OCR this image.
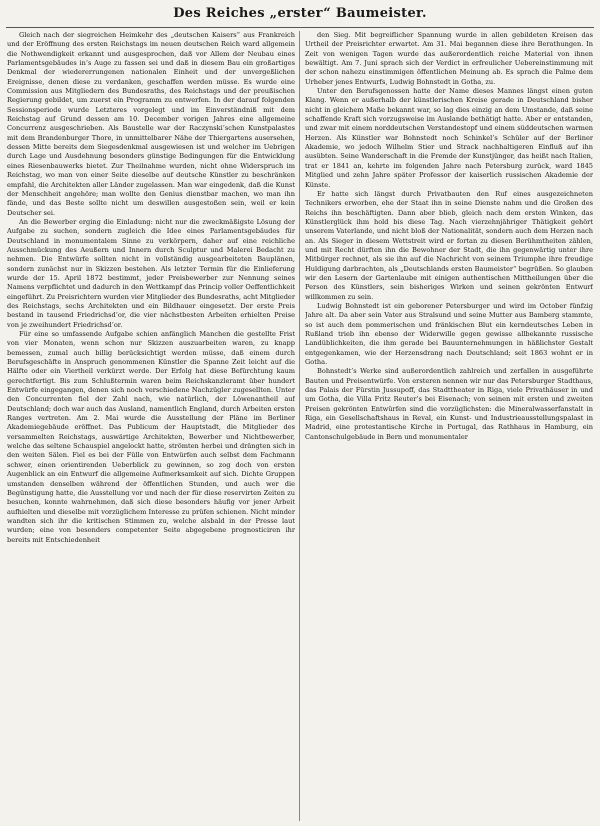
Des Reiches „erster“ Baumeister.

Gleich nach der siegreichen Heimkehr des „deutschen Kaisers“ aus Frankreich und der Eröffnung des ersten Reichstags im neuen deutschen Reich ward allgemein die Nothwendigkeit erkannt und ausgesprochen, daß vor Allem der Neubau eines Parlamentsgebäudes in’s Auge zu fassen sei und daß in diesem Bau ein großartiges Denkmal der wiedererrungenen nationalen Einheit und der unvergeßlichen Ereignisse, denen diese zu verdanken, geschaffen werden müsse. Es wurde eine Commission aus Mitgliedern des Bundesraths, des Reichstags und der preußischen Regierung gebildet, um zuerst ein Programm zu entwerfen. In der darauf folgenden Sessionsperiode wurde Letzteres vorgelegt und im Einverständniß mit dem Reichstag auf Grund dessen am 10. December vorigen Jahres eine allgemeine Concurrenz ausgeschrieben. Als Baustelle war der Raczynski’schen Kunstpalastes mit dem Brandenburger Thore, in unmittelbarer Nähe der Thiergartens ausersehen, dessen Mitte bereits dem Siegesdenkmal ausgewiesen ist und welcher im Uebrigen durch Lage und Ausdehnung besonders günstige Bedingungen für die Entwicklung eines Riesenbauwerks bietet. Zur Theilnahme wurden, nicht ohne Widerspruch im Reichstag, wo man von einer Seite dieselbe auf deutsche Künstler zu beschränken empfahl, die Architekten aller Länder zugelassen. Man war eingedenk, daß die Kunst der Menschheit angehöre; man wollte den Genius dienstbar machen, wo man ihn fände, und das Beste sollte nicht um deswillen ausgestoßen sein, weil er kein Deutscher sei.

An die Bewerber erging die Einladung: nicht nur die zweckmäßigste Lösung der Aufgabe zu suchen, sondern zugleich die Idee eines Parlamentsgebäudes für Deutschland in monumentalem Sinne zu verkörpern, daher auf eine reichliche Ausschmückung des Aeußern und Innern durch Sculptur und Malerei Bedacht zu nehmen. Die Entwürfe sollten nicht in vollständig ausgearbeiteten Bauplänen, sondern zunächst nur in Skizzen bestehen. Als letzter Termin für die Einlieferung wurde der 15. April 1872 bestimmt, jeder Preisbewerber zur Nennung seines Namens verpflichtet und dadurch in den Wettkampf das Princip voller Oeffentlichkeit eingeführt. Zu Preisrichtern wurden vier Mitglieder des Bundesraths, acht Mitglieder des Reichstags, sechs Architekten und ein Bildhauer eingesetzt. Der erste Preis bestand in tausend Friedrichsd’or, die vier nächstbesten Arbeiten erhielten Preise von je zweihundert Friedrichsd’or.

Für eine so umfassende Aufgabe schien anfänglich Manchen die gestellte Frist von vier Monaten, wenn schon nur Skizzen auszuarbeiten waren, zu knapp bemessen, zumal auch billig berücksichtigt werden müsse, daß einem durch Berufsgeschäfte in Anspruch genommenen Künstler die Spanne Zeit leicht auf die Hälfte oder ein Viertheil verkürzt werde. Der Erfolg hat diese Befürchtung kaum gerechtfertigt. Bis zum Schlußtermin waren beim Reichskanzleramt über hundert Entwürfe eingegangen, denen sich noch verschiedene Nachzügler zugesellten. Unter den Concurrenten fiel der Zahl nach, wie natürlich, der Löwenantheil auf Deutschland; doch war auch das Ausland, namentlich England, durch Arbeiten ersten Ranges vertreten. Am 2. Mai wurde die Ausstellung der Pläne im Berliner Akademiegebäude eröffnet. Das Publicum der Hauptstadt, die Mitglieder des versammelten Reichstags, auswärtige Architekten, Bewerber und Nichtbewerber, welche das seltene Schauspiel angelockt hatte, strömten herbei und drängten sich in den weiten Sälen. Fiel es bei der Fülle von Entwürfen auch selbst dem Fachmann schwer, einen orientirenden Ueberblick zu gewinnen, so zog doch von ersten Augenblick an ein Entwurf die allgemeine Aufmerksamkeit auf sich. Dichte Gruppen umstanden denselben während der öffentlichen Stunden, und auch wer die Begünstigung hatte, die Ausstellung vor und nach der für diese reservirten Zeiten zu besuchen, konnte wahrnehmen, daß sich diese besonders häufig vor jener Arbeit aufhielten und dieselbe mit vorzüglichem Interesse zu prüfen schienen. Nicht minder wandten sich ihr die kritischen Stimmen zu, welche alsbald in der Presse laut wurden; eine von besonders competenter Seite abgegebene prognosticiren ihr bereits mit Entschiedenheit

den Sieg. Mit begreiflicher Spannung wurde in allen gebildeten Kreisen das Urtheil der Preisrichter erwartet. Am 31. Mai begannen diese ihre Berathungen. In Zeit von wenigen Tagen wurde das außerordentlich reiche Material von ihnen bewältigt. Am 7. Juni sprach sich der Verdict in erfreulicher Uebereinstimmung mit der schon nahezu einstimmigen öffentlichen Meinung ab. Es sprach die Palme dem Urheber jenes Entwurfs, Ludwig Bohnstedt in Gotha, zu.

Unter den Berufsgenossen hatte der Name dieses Mannes längst einen guten Klang. Wenn er außerhalb der künstlerischen Kreise gerade in Deutschland bisher nicht in gleichem Maße bekannt war, so lag dies einzig an dem Umstande, daß seine schaffende Kraft sich vorzugsweise im Auslande bethätigt hatte. Aber er entstanden, und zwar mit einem norddeutschen Verstandestopf und einem süddeutschen warmen Herzen. Als Künstler war Bohnstedt noch Schinkel’s Schüler auf der Berliner Akademie, wo jedoch Wilhelm Stier und Strack nachhaltigeren Einfluß auf ihn ausübten. Seine Wanderschaft in die Fremde der Kunstjünger, das heißt nach Italien, trat er 1841 an, kehrte im folgenden Jahre nach Petersburg zurück, ward 1845 Mitglied und zehn Jahre später Professor der kaiserlich russischen Akademie der Künste.

Er hatte sich längst durch Privatbauten den Ruf eines ausgezeichneten Technikers erworben, ehe der Staat ihn in seine Dienste nahm und die Großen des Reichs ihn beschäftigten. Dann aber blieb, gleich nach dem ersten Winken, das Künstlerglück ihm hold bis diese Tag. Nach vierzehnjähriger Thätigkeit gehört unserem Vaterlande, und nicht bloß der Nationalität, sondern auch dem Herzen nach an. Als Sieger in diesem Wettstreit wird er fortan zu diesen Berühmtheiten zählen, und mit Recht dürften ihn die Bewohner der Stadt, die ihn gegenwärtig unter ihre Mitbürger rechnet, als sie ihn auf die Nachricht von seinem Triumphe ihre freudige Huldigung darbrachten, als „Deutschlands ersten Baumeister“ begrüßen. So glauben wir den Lesern der Gartenlaube mit einigen authentischen Mittheilungen über die Person des Künstlers, sein bisheriges Wirken und seinen gekrönten Entwurf willkommen zu sein.

Ludwig Bohnstedt ist ein geborener Petersburger und wird im October fünfzig Jahre alt. Da aber sein Vater aus Stralsund und seine Mutter aus Bamberg stammte, so ist auch dem pommerischen und fränkischen Blut ein kerndeutsches Leben in Rußland trieb ihn ebenso der Widerwille gegen gewisse allbekannte russische Landüblichkeiten, die ihm gerade bei Bauunternehmungen in häßlichster Gestalt entgegenkamen, wie der Herzensdrang nach Deutschland; seit 1863 wohnt er in Gotha.

Bohnstedt’s Werke sind außerordentlich zahlreich und zerfallen in ausgeführte Bauten und Preisentwürfe. Von ersteren nennen wir nur das Petersburger Stadthaus, das Palais der Fürstin Jussupoff, das Stadttheater in Riga, viele Privathäuser in und um Gotha, die Villa Fritz Reuter’s bei Eisenach; von seinen mit ersten und zweiten Preisen gekrönten Entwürfen sind die vorzüglichsten: die Mineralwasserfanstalt in Riga, ein Gesellschaftshaus in Reval, ein Kunst- und Industrieausstellungspalast in Madrid, eine protestantische Kirche in Portugal, das Rathhaus in Hamburg, ein Cantonschulgebäude in Bern und monumentaler
